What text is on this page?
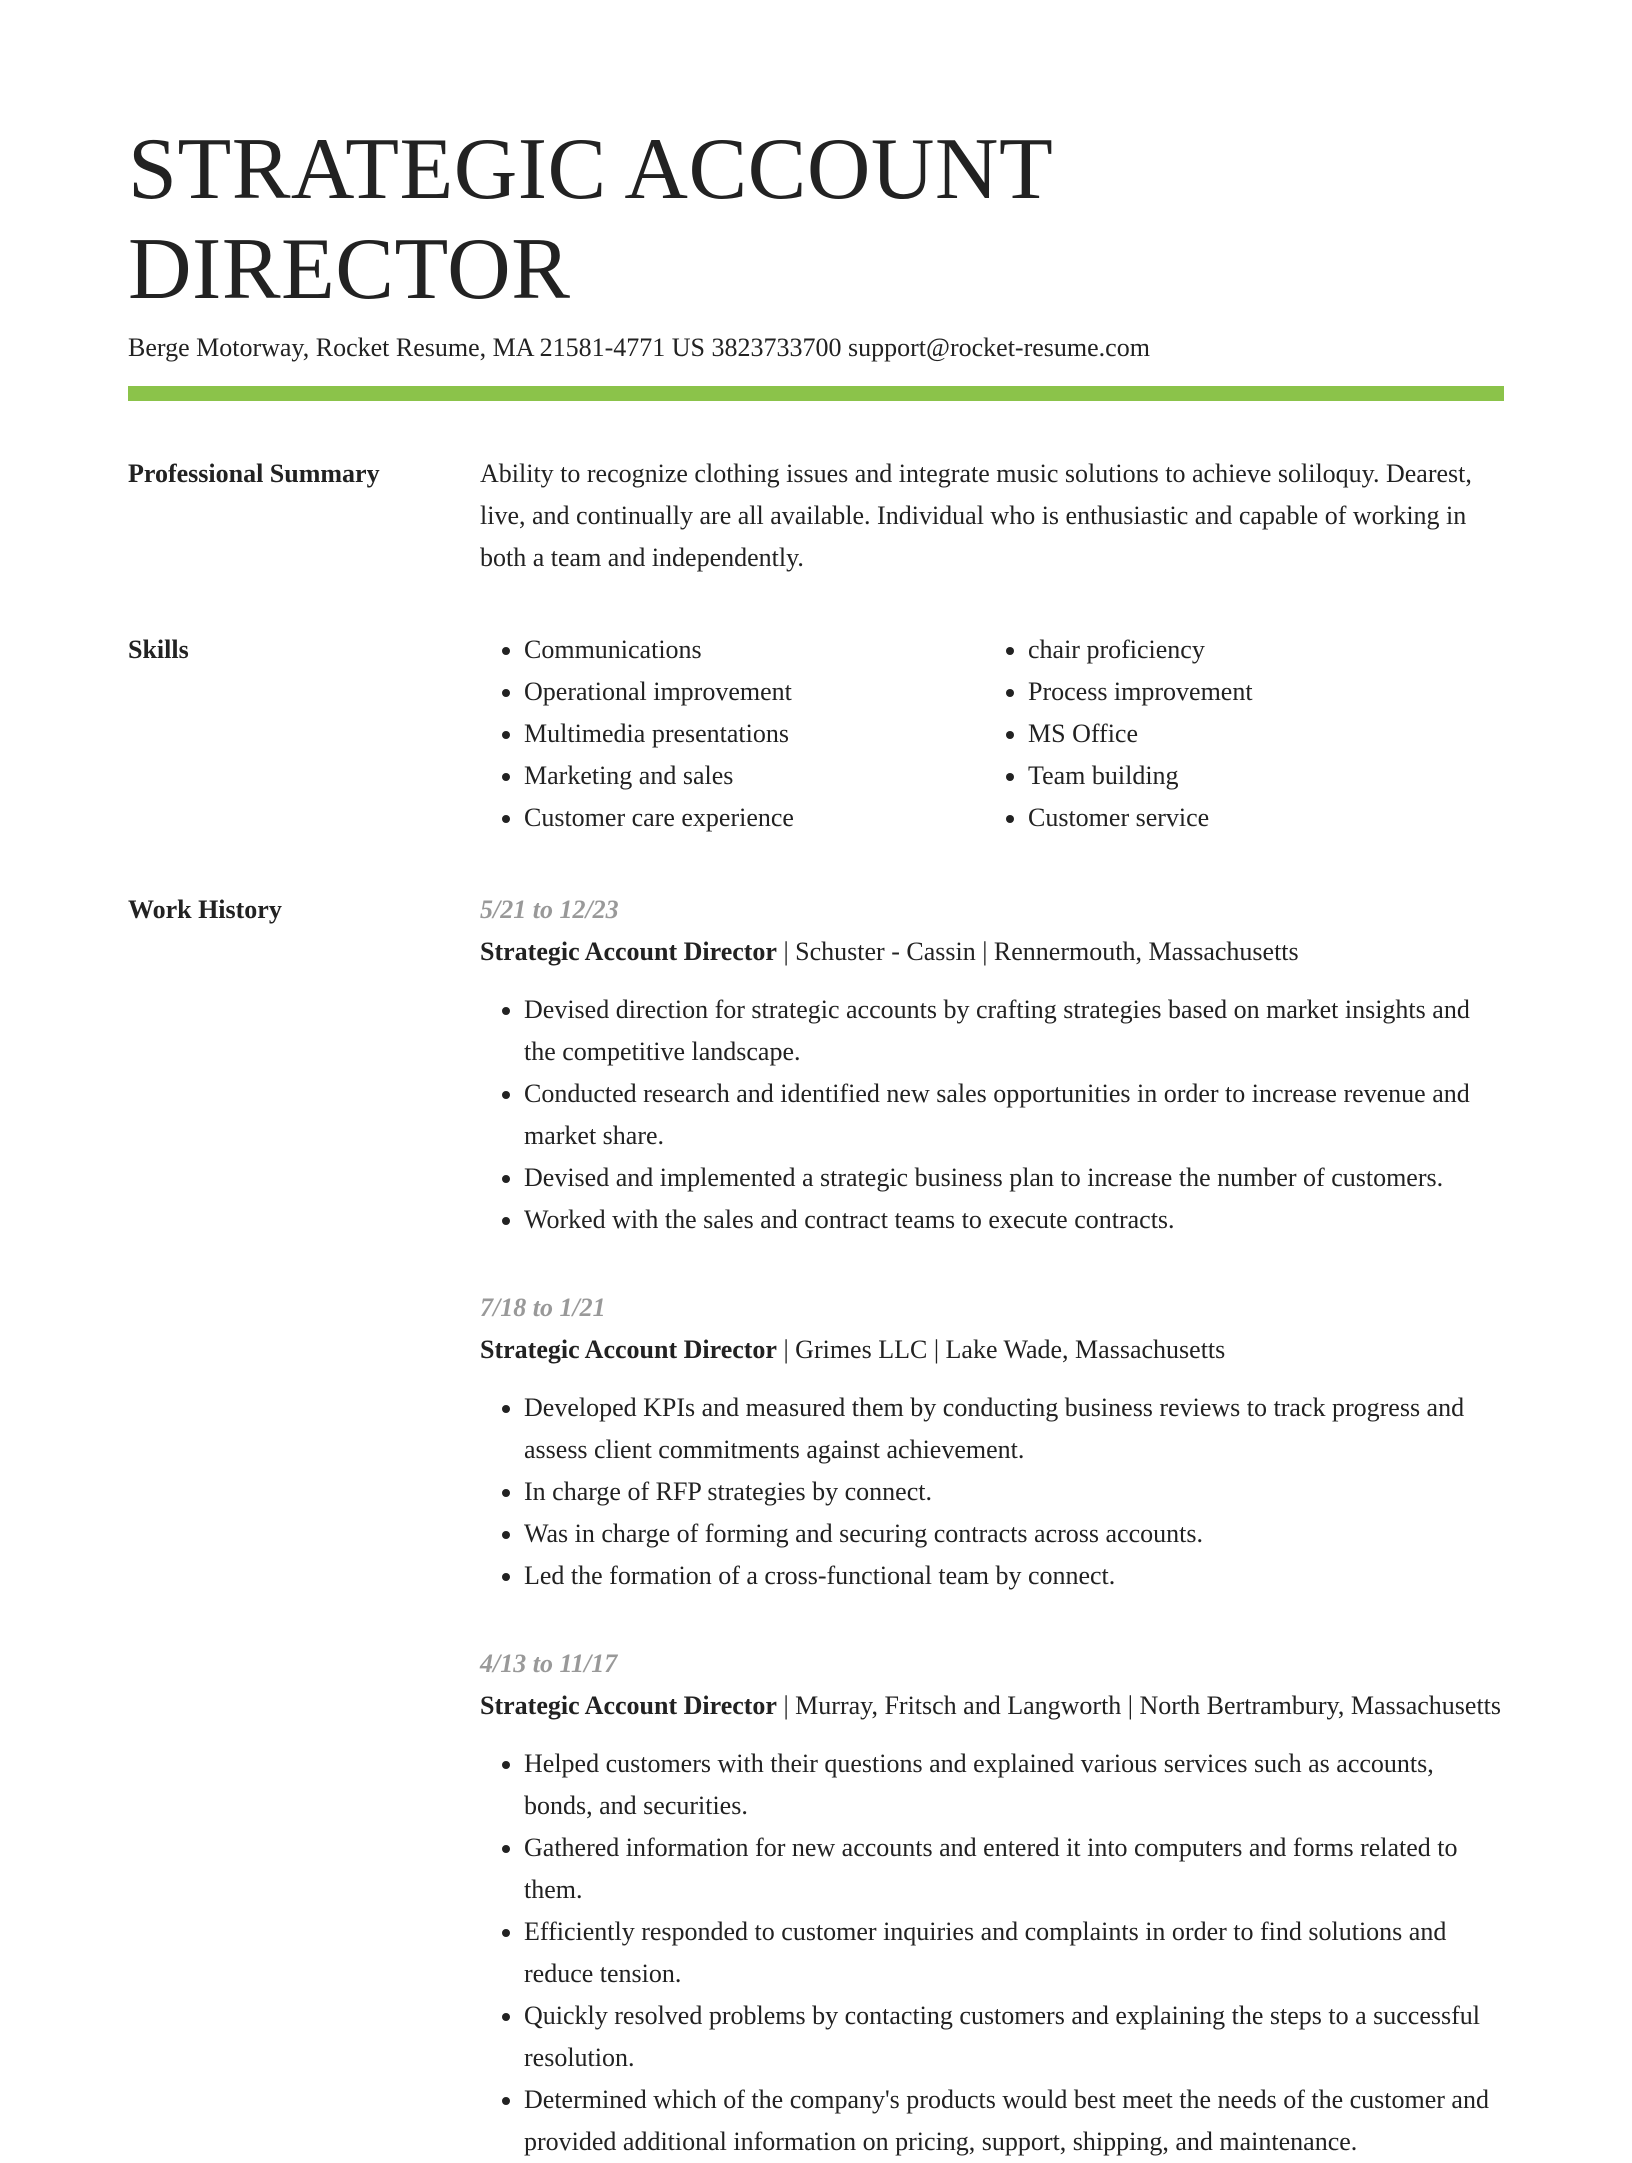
STRATEGIC ACCOUNT DIRECTOR
Berge Motorway, Rocket Resume, MA 21581-4771 US 3823733700 support@rocket-resume.com
Professional Summary	Ability to recognize clothing issues and integrate music solutions to achieve soliloquy. Dearest, live, and continually are all available. Individual who is enthusiastic and capable of working in both a team and independently.

Skills
•	Communications
• Operational improvement
• Multimedia presentations
• Marketing and sales
• Customer care experience
• chair proficiency
• Process improvement
• MS Office
• Team building
• Customer service
Work History	5/21 to 12/23
Strategic Account Director | Schuster - Cassin | Rennermouth, Massachusetts
• Devised direction for strategic accounts by crafting strategies based on market insights and the competitive landscape.
• Conducted research and identified new sales opportunities in order to increase revenue and market share.
• Devised and implemented a strategic business plan to increase the number of customers.
• Worked with the sales and contract teams to execute contracts.
7/18 to 1/21
Strategic Account Director | Grimes LLC | Lake Wade, Massachusetts
• Developed KPIs and measured them by conducting business reviews to track progress and assess client commitments against achievement.
• In charge of RFP strategies by connect.
• Was in charge of forming and securing contracts across accounts.
• Led the formation of a cross-functional team by connect.
4/13 to 11/17
Strategic Account Director | Murray, Fritsch and Langworth | North Bertrambury, Massachusetts
• Helped customers with their questions and explained various services such as accounts, bonds, and securities.
• Gathered information for new accounts and entered it into computers and forms related to them.
• Efficiently responded to customer inquiries and complaints in order to find solutions and reduce tension.
• Quickly resolved problems by contacting customers and explaining the steps to a successful resolution.
• Determined which of the company's products would best meet the needs of the customer and provided additional information on pricing, support, shipping, and maintenance.
